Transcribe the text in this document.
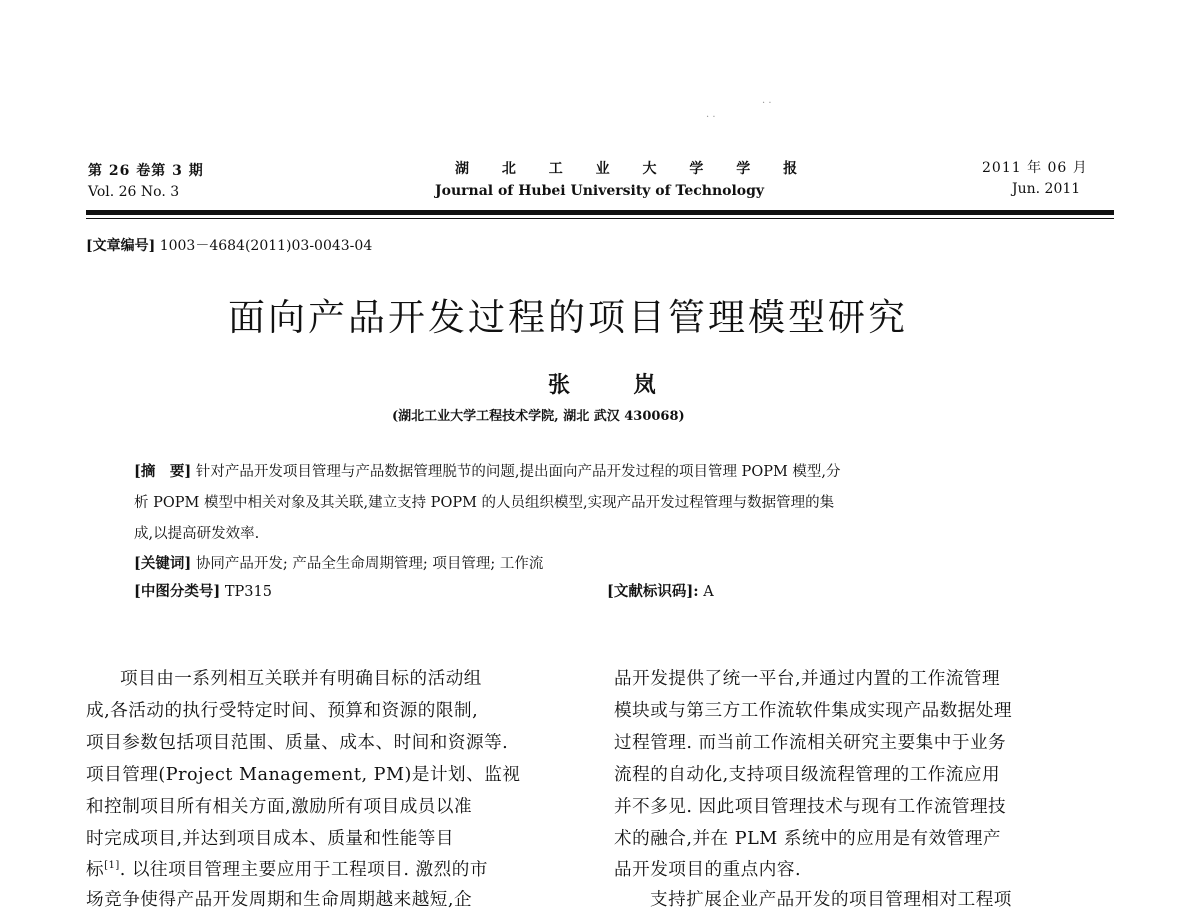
· ·
· ·
第 26 卷第 3 期
Vol. 26 No. 3
湖 北 工 业 大 学 学 报
Journal of Hubei University of Technology
2011 年 06 月
Jun. 2011
[文章编号] 1003－4684(2011)03-0043-04
面向产品开发过程的项目管理模型研究
张 岚
(湖北工业大学工程技术学院, 湖北 武汉 430068)
[摘　要] 针对产品开发项目管理与产品数据管理脱节的问题,提出面向产品开发过程的项目管理 POPM 模型,分
析 POPM 模型中相关对象及其关联,建立支持 POPM 的人员组织模型,实现产品开发过程管理与数据管理的集
成,以提高研发效率.
[关键词] 协同产品开发; 产品全生命周期管理; 项目管理; 工作流
[中图分类号] TP315	[文献标识码]: A
项目由一系列相互关联并有明确目标的活动组
成,各活动的执行受特定时间、预算和资源的限制,
项目参数包括项目范围、质量、成本、时间和资源等.
项目管理(Project Management, PM)是计划、监视
和控制项目所有相关方面,激励所有项目成员以准
时完成项目,并达到项目成本、质量和性能等目
标[1]. 以往项目管理主要应用于工程项目. 激烈的市
场竞争使得产品开发周期和生命周期越来越短,企
品开发提供了统一平台,并通过内置的工作流管理
模块或与第三方工作流软件集成实现产品数据处理
过程管理. 而当前工作流相关研究主要集中于业务
流程的自动化,支持项目级流程管理的工作流应用
并不多见. 因此项目管理技术与现有工作流管理技
术的融合,并在 PLM 系统中的应用是有效管理产
品开发项目的重点内容.
支持扩展企业产品开发的项目管理相对工程项
